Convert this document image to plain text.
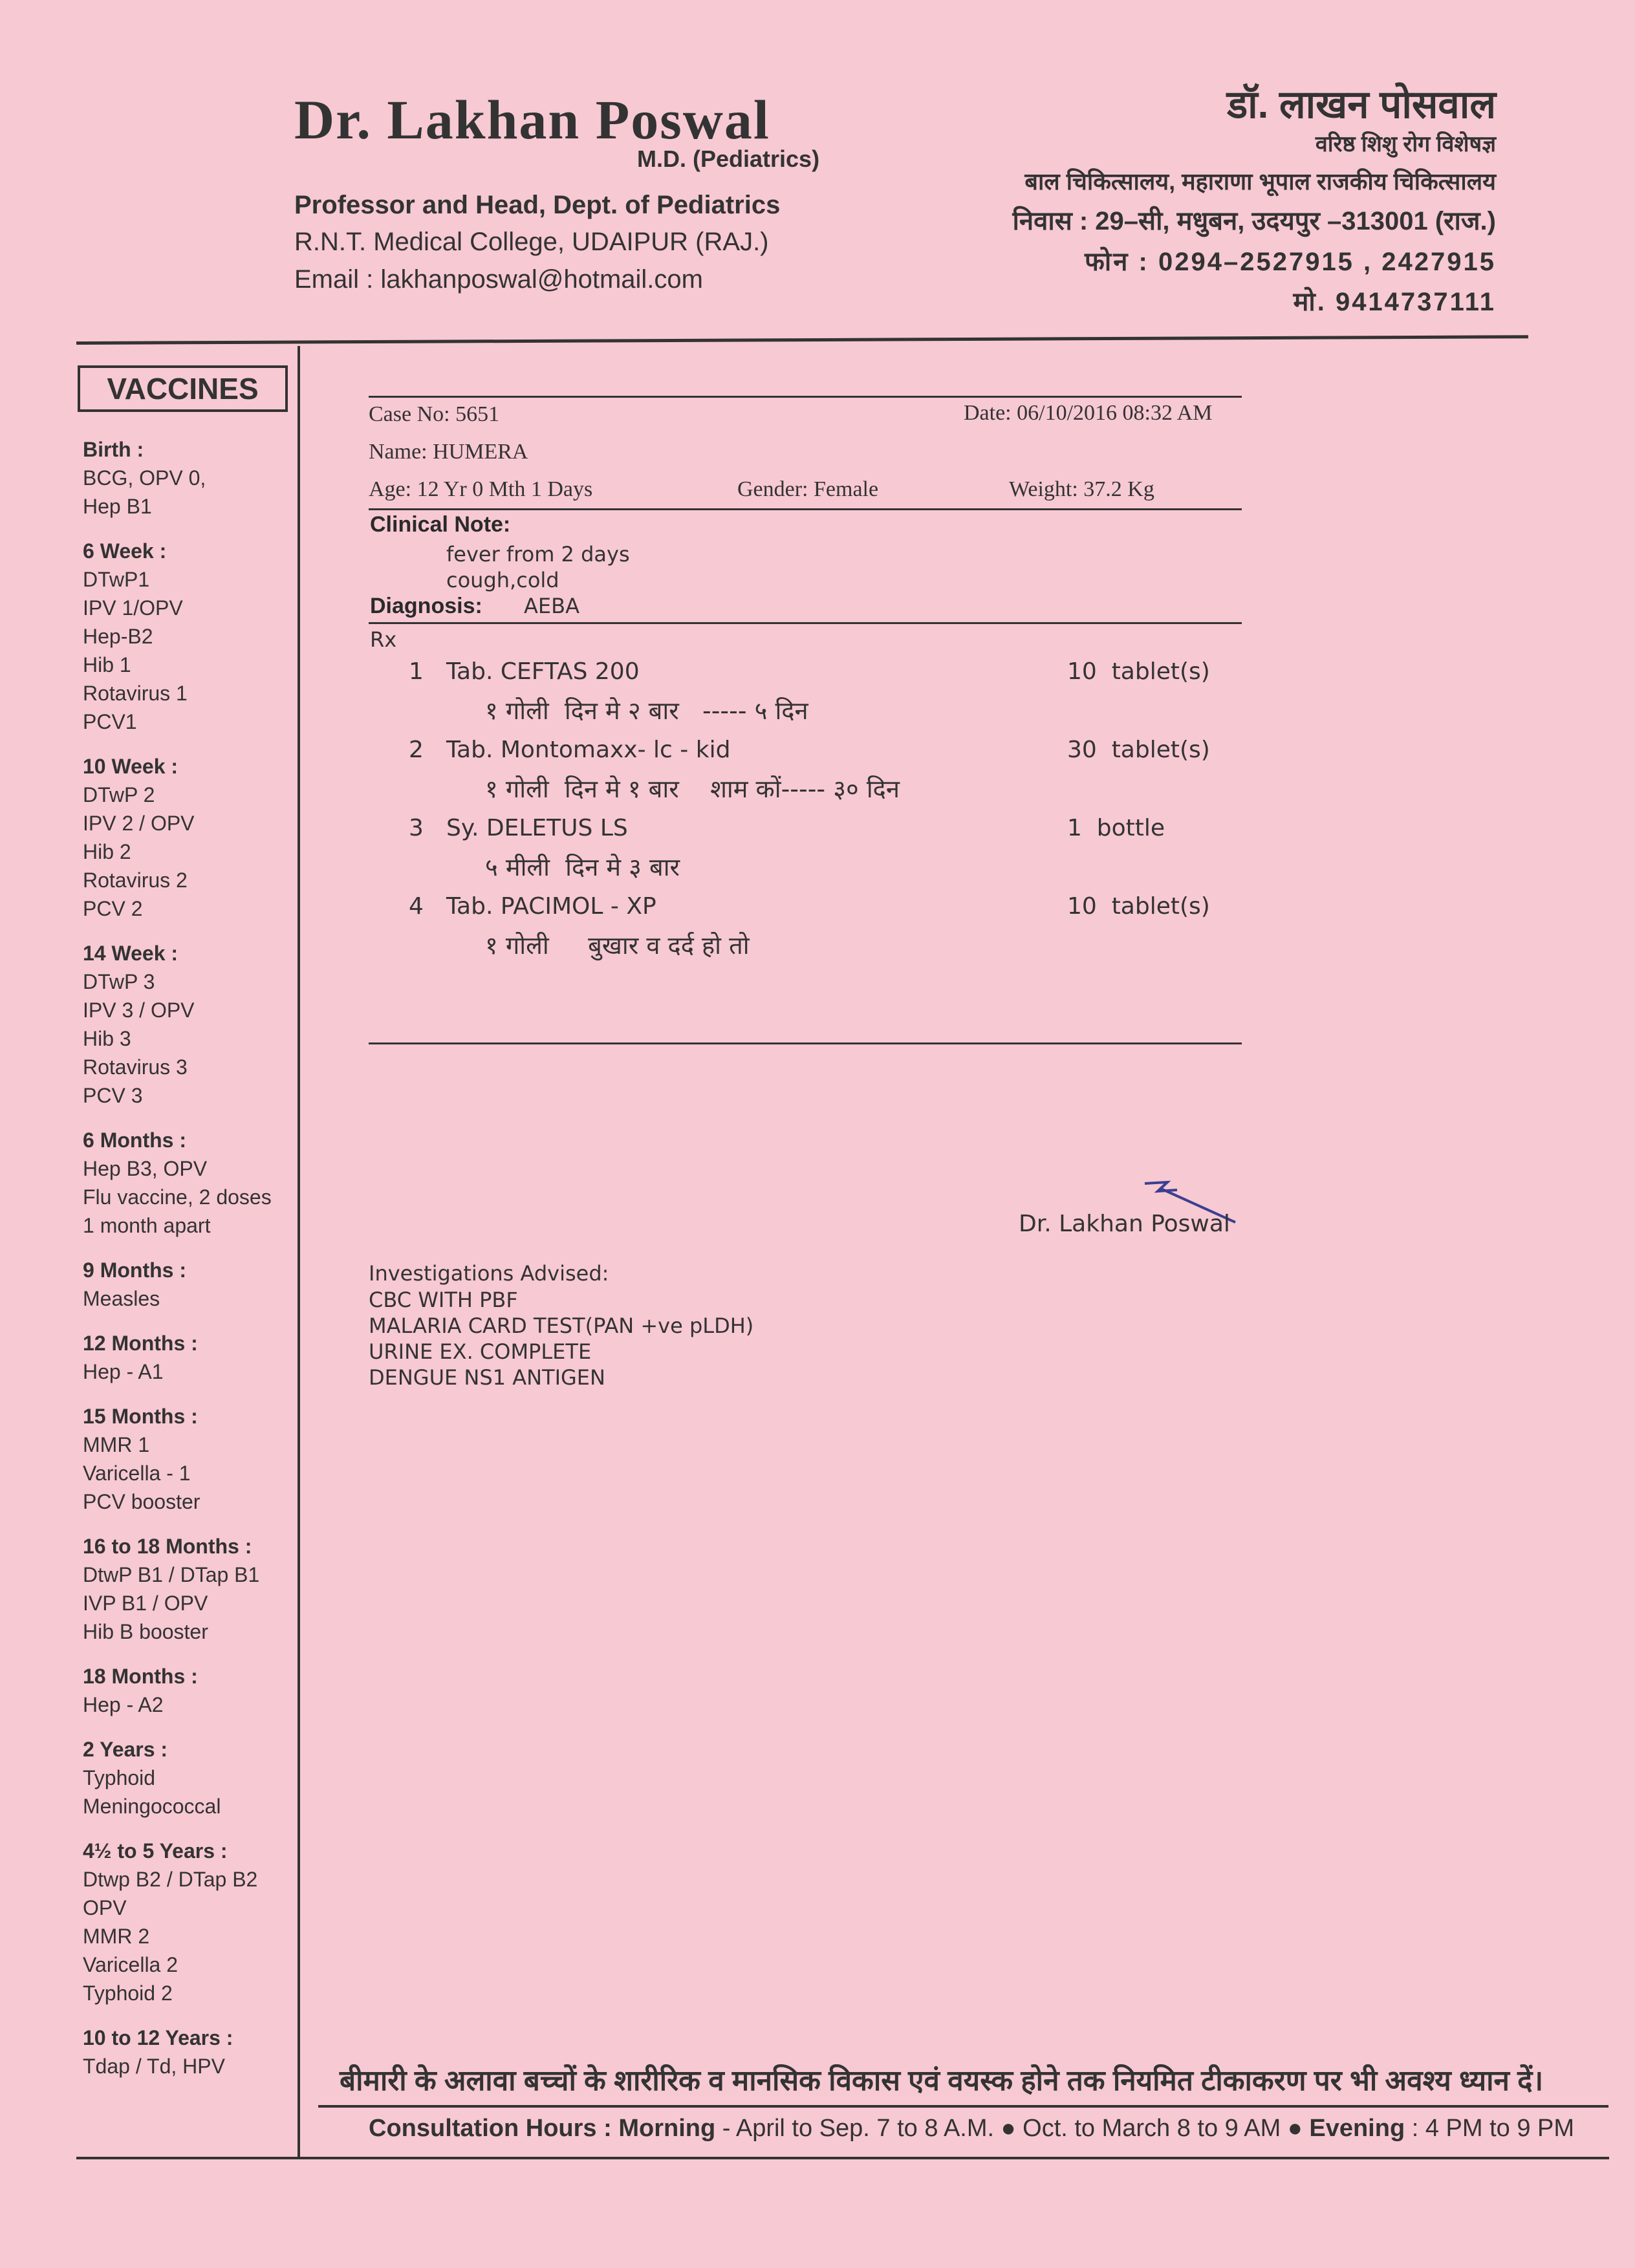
Dr. Lakhan Poswal
M.D. (Pediatrics)
Professor and Head, Dept. of Pediatrics
R.N.T. Medical College, UDAIPUR (RAJ.)
Email : lakhanposwal@hotmail.com
डॉ. लाखन पोसवाल
वरिष्ठ शिशु रोग विशेषज्ञ
बाल चिकित्सालय, महाराणा भूपाल राजकीय चिकित्सालय
निवास : 29–सी, मधुबन, उदयपुर –313001 (राज.)
फोन : 0294–2527915 , 2427915
मो. 9414737111
VACCINES
Birth :
BCG, OPV 0,
Hep B1
6 Week :
DTwP1
IPV 1/OPV
Hep-B2
Hib 1
Rotavirus 1
PCV1
10 Week :
DTwP 2
IPV 2 / OPV
Hib 2
Rotavirus 2
PCV 2
14 Week :
DTwP 3
IPV 3 / OPV
Hib 3
Rotavirus 3
PCV 3
6 Months :
Hep B3, OPV
Flu vaccine, 2 doses
1 month apart
9 Months :
Measles
12 Months :
Hep - A1
15 Months :
MMR 1
Varicella - 1
PCV booster
16 to 18 Months :
DtwP B1 / DTap B1
IVP B1 / OPV
Hib B booster
18 Months :
Hep - A2
2 Years :
Typhoid
Meningococcal
4½ to 5 Years :
Dtwp B2 / DTap B2
OPV
MMR 2
Varicella 2
Typhoid 2
10 to 12 Years :
Tdap / Td, HPV
Case No: 5651	Date: 06/10/2016 08:32 AM
Name: HUMERA
Age: 12 Yr 0 Mth 1 Days	Gender: Female	Weight: 37.2 Kg
Clinical Note:
fever from 2 days
cough,cold
Diagnosis: AEBA
Rx
1 Tab. CEFTAS 200	10  tablet(s)
१ गोली  दिन मे २ बार   ----- ५ दिन
2 Tab. Montomaxx- lc - kid	30  tablet(s)
१ गोली  दिन मे १ बार    शाम कों----- ३० दिन
3 Sy. DELETUS LS	1  bottle
५ मीली  दिन मे ३ बार
4 Tab. PACIMOL - XP	10  tablet(s)
१ गोली     बुखार व दर्द हो तो
Dr. Lakhan Poswal
Investigations Advised:
CBC WITH PBF
MALARIA CARD TEST(PAN +ve pLDH)
URINE EX. COMPLETE
DENGUE NS1 ANTIGEN
बीमारी के अलावा बच्चों के शारीरिक व मानसिक विकास एवं वयस्क होने तक नियमित टीकाकरण पर भी अवश्य ध्यान दें।
Consultation Hours : Morning - April to Sep. 7 to 8 A.M. ● Oct. to March 8 to 9 AM ● Evening : 4 PM to 9 PM
